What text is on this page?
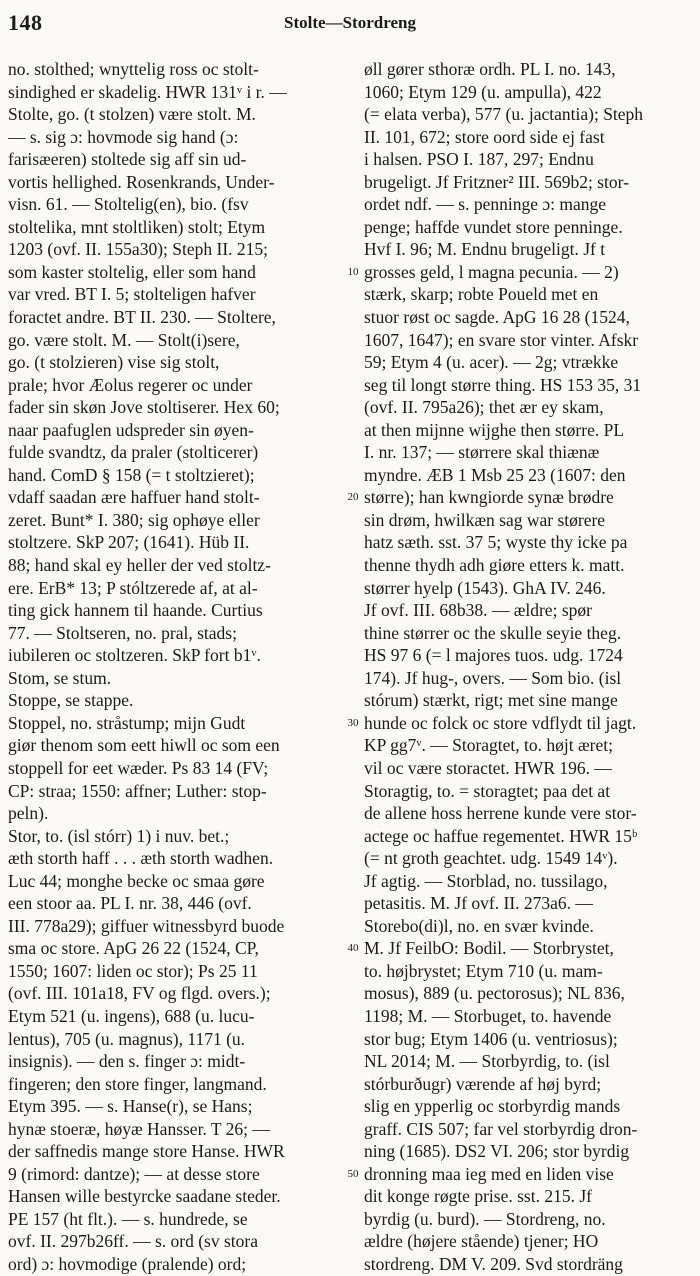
148	Stolte—Stordreng
no. stolthed; wnyttelig ross oc stolt-
sindighed er skadelig. HWR 131ᵛ i r. —
Stolte, go. (t stolzen) være stolt. M.
— s. sig ɔ: hovmode sig hand (ɔ:
farisæeren) stoltede sig aff sin ud-
vortis hellighed. Rosenkrands, Under-
visn. 61. — Stoltelig(en), bio. (fsv
stoltelika, mnt stoltliken) stolt; Etym
1203 (ovf. II. 155a30); Steph II. 215;
som kaster stoltelig, eller som hand
var vred. BT I. 5; stolteligen hafver
foractet andre. BT II. 230. — Stoltere,
go. være stolt. M. — Stolt(i)sere,
go. (t stolzieren) vise sig stolt,
prale; hvor Æolus regerer oc under
fader sin skøn Jove stoltiserer. Hex 60;
naar paafuglen udspreder sin øyen-
fulde svandtz, da praler (stolticerer)
hand. ComD § 158 (= t stoltzieret);
vdaff saadan ære haffuer hand stolt-
zeret. Bunt* I. 380; sig ophøye eller
stoltzere. SkP 207; (1641). Hüb II.
88; hand skal ey heller der ved stoltz-
ere. ErB* 13; P stóltzerede af, at al-
ting gick hannem til haande. Curtius
77. — Stoltseren, no. pral, stads;
iubileren oc stoltzeren. SkP fort b1ᵛ.
Stom, se stum.
Stoppe, se stappe.
Stoppel, no. stråstump; mijn Gudt
giør thenom som eett hiwll oc som een
stoppell for eet wæder. Ps 83 14 (FV;
CP: straa; 1550: affner; Luther: stop-
peln).
Stor, to. (isl stórr) 1) i nuv. bet.;
æth storth haff . . . æth storth wadhen.
Luc 44; monghe becke oc smaa gøre
een stoor aa. PL I. nr. 38, 446 (ovf.
III. 778a29); giffuer witnessbyrd buode
sma oc store. ApG 26 22 (1524, CP,
1550; 1607: liden oc stor); Ps 25 11
(ovf. III. 101a18, FV og flgd. overs.);
Etym 521 (u. ingens), 688 (u. lucu-
lentus), 705 (u. magnus), 1171 (u.
insignis). — den s. finger ɔ: midt-
fingeren; den store finger, langmand.
Etym 395. — s. Hanse(r), se Hans;
hynæ stoeræ, høyæ Hansser. T 26; —
der saffnedis mange store Hanse. HWR
9 (rimord: dantze); — at desse store
Hansen wille bestyrcke saadane steder.
PE 157 (ht flt.). — s. hundrede, se
ovf. II. 297b26ff. — s. ord (sv stora
ord) ɔ: hovmodige (pralende) ord;
10
20
30
40
50
øll gører sthoræ ordh. PL I. no. 143,
1060; Etym 129 (u. ampulla), 422
(= elata verba), 577 (u. jactantia); Steph
II. 101, 672; store oord side ej fast
i halsen. PSO I. 187, 297; Endnu
brugeligt. Jf Fritzner² III. 569b2; stor-
ordet ndf. — s. penninge ɔ: mange
penge; haffde vundet store penninge.
Hvf I. 96; M. Endnu brugeligt. Jf t
grosses geld, l magna pecunia. — 2)
stærk, skarp; robte Poueld met en
stuor røst oc sagde. ApG 16 28 (1524,
1607, 1647); en svare stor vinter. Afskr
59; Etym 4 (u. acer). — 2g; vtrække
seg til longt større thing. HS 153 35, 31
(ovf. II. 795a26); thet ær ey skam,
at then mijnne wijghe then større. PL
I. nr. 137; — størrere skal thiænæ
myndre. ÆB 1 Msb 25 23 (1607: den
større); han kwngiorde synæ brødre
sin drøm, hwilkæn sag war størere
hatz sæth. sst. 37 5; wyste thy icke pa
thenne thydh adh giøre etters k. matt.
størrer hyelp (1543). GhA IV. 246.
Jf ovf. III. 68b38. — ældre; spør
thine størrer oc the skulle seyie theg.
HS 97 6 (= l majores tuos. udg. 1724
174). Jf hug-, overs. — Som bio. (isl
stórum) stærkt, rigt; met sine mange
hunde oc folck oc store vdflydt til jagt.
KP gg7ᵛ. — Storagtet, to. højt æret;
vil oc være storactet. HWR 196. —
Storagtig, to. = storagtet; paa det at
de allene hoss herrene kunde vere stor-
actege oc haffue regementet. HWR 15ᵇ
(= nt groth geachtet. udg. 1549 14ᵛ).
Jf agtig. — Storblad, no. tussilago,
petasitis. M. Jf ovf. II. 273a6. —
Storebo(di)l, no. en svær kvinde.
M. Jf FeilbO: Bodil. — Storbrystet,
to. højbrystet; Etym 710 (u. mam-
mosus), 889 (u. pectorosus); NL 836,
1198; M. — Storbuget, to. havende
stor bug; Etym 1406 (u. ventriosus);
NL 2014; M. — Storbyrdig, to. (isl
stórburðugr) værende af høj byrd;
slig en ypperlig oc storbyrdig mands
graff. CIS 507; far vel storbyrdig dron-
ning (1685). DS2 VI. 206; stor byrdig
dronning maa ieg med en liden vise
dit konge røgte prise. sst. 215. Jf
byrdig (u. burd). — Stordreng, no.
ældre (højere stående) tjener; HO
stordreng. DM V. 209. Svd stordräng
